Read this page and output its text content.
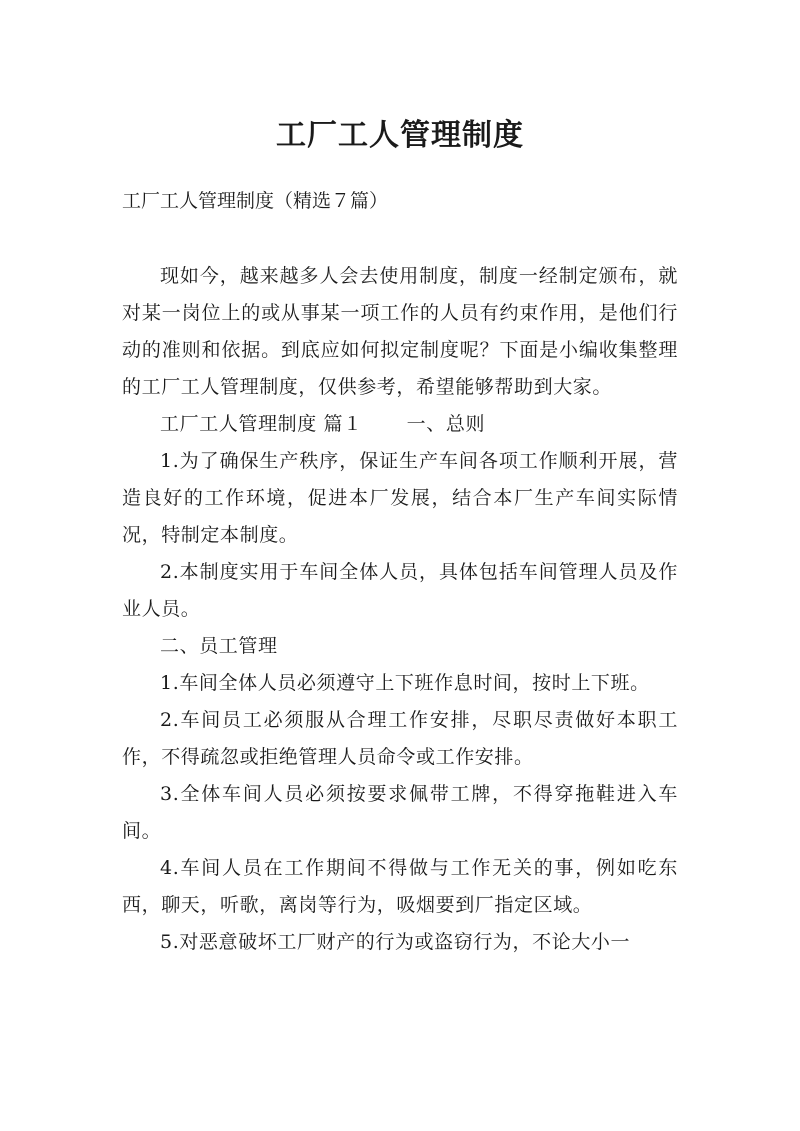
工厂工人管理制度
工厂工人管理制度（精选７篇）

现如今，越来越多人会去使用制度，制度一经制定颁布，就对某一岗位上的或从事某一项工作的人员有约束作用，是他们行动的准则和依据。到底应如何拟定制度呢？下面是小编收集整理的工厂工人管理制度，仅供参考，希望能够帮助到大家。

工厂工人管理制度 篇１ 一、总则

1.为了确保生产秩序，保证生产车间各项工作顺利开展，营造良好的工作环境，促进本厂发展，结合本厂生产车间实际情况，特制定本制度。

2.本制度实用于车间全体人员，具体包括车间管理人员及作业人员。

二、员工管理

1.车间全体人员必须遵守上下班作息时间，按时上下班。

2.车间员工必须服从合理工作安排，尽职尽责做好本职工作，不得疏忽或拒绝管理人员命令或工作安排。

3.全体车间人员必须按要求佩带工牌，不得穿拖鞋进入车间。

4.车间人员在工作期间不得做与工作无关的事，例如吃东西，聊天，听歌，离岗等行为，吸烟要到厂指定区域。

5.对恶意破坏工厂财产的行为或盗窃行为，不论大小一
